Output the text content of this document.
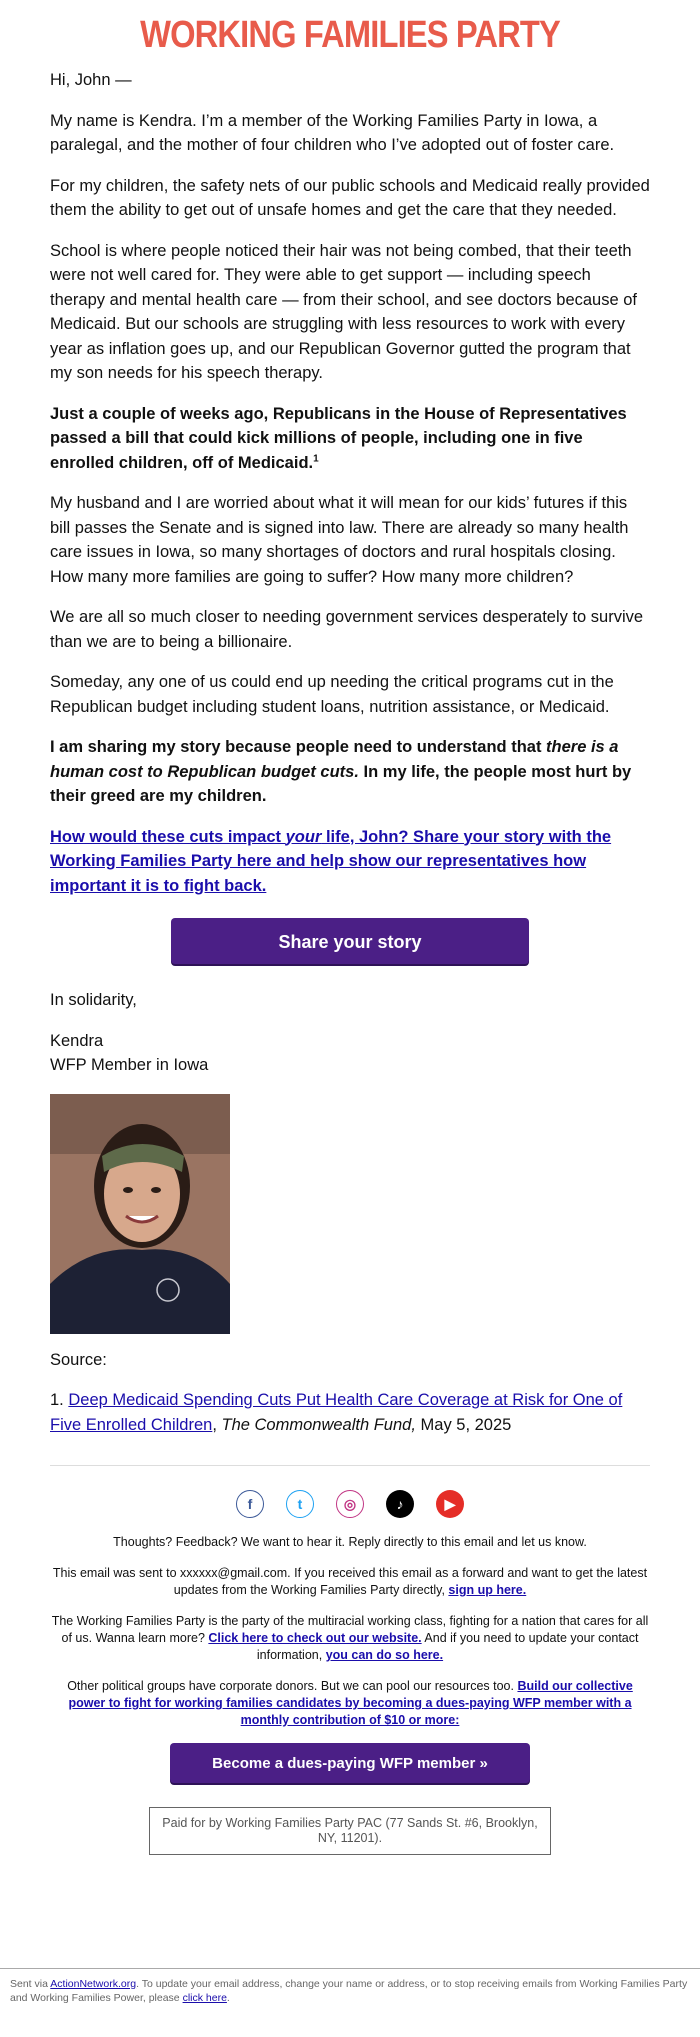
WORKING FAMILIES PARTY

Hi, John —

My name is Kendra. I’m a member of the Working Families Party in Iowa, a paralegal, and the mother of four children who I’ve adopted out of foster care.

For my children, the safety nets of our public schools and Medicaid really provided them the ability to get out of unsafe homes and get the care that they needed.

School is where people noticed their hair was not being combed, that their teeth were not well cared for. They were able to get support — including speech therapy and mental health care — from their school, and see doctors because of Medicaid. But our schools are struggling with less resources to work with every year as inflation goes up, and our Republican Governor gutted the program that my son needs for his speech therapy.

Just a couple of weeks ago, Republicans in the House of Representatives passed a bill that could kick millions of people, including one in five enrolled children, off of Medicaid.$^1$

My husband and I are worried about what it will mean for our kids’ futures if this bill passes the Senate and is signed into law. There are already so many health care issues in Iowa, so many shortages of doctors and rural hospitals closing. How many more families are going to suffer? How many more children?

We are all so much closer to needing government services desperately to survive than we are to being a billionaire.

Someday, any one of us could end up needing the critical programs cut in the Republican budget including student loans, nutrition assistance, or Medicaid.

I am sharing my story because people need to understand that there is a human cost to Republican budget cuts. In my life, the people most hurt by their greed are my children.

How would these cuts impact your life, John? Share your story with the Working Families Party here and help show our representatives how important it is to fight back.

Share your story

In solidarity,

Kendra
WFP Member in Iowa

Source:

1. Deep Medicaid Spending Cuts Put Health Care Coverage at Risk for One of Five Enrolled Children, The Commonwealth Fund, May 5, 2025

f	t	◎	♪	▶

Thoughts? Feedback? We want to hear it. Reply directly to this email and let us know.

This email was sent to xxxxxx@gmail.com. If you received this email as a forward and want to get the latest updates from the Working Families Party directly, sign up here.

The Working Families Party is the party of the multiracial working class, fighting for a nation that cares for all of us. Wanna learn more? Click here to check out our website. And if you need to update your contact information, you can do so here.

Other political groups have corporate donors. But we can pool our resources too. Build our collective power to fight for working families candidates by becoming a dues-paying WFP member with a monthly contribution of $10 or more:

Become a dues-paying WFP member »
Paid for by Working Families Party PAC (77 Sands St. #6, Brooklyn, NY, 11201).
Sent via ActionNetwork.org. To update your email address, change your name or address, or to stop receiving emails from Working Families Party and Working Families Power, please click here.
